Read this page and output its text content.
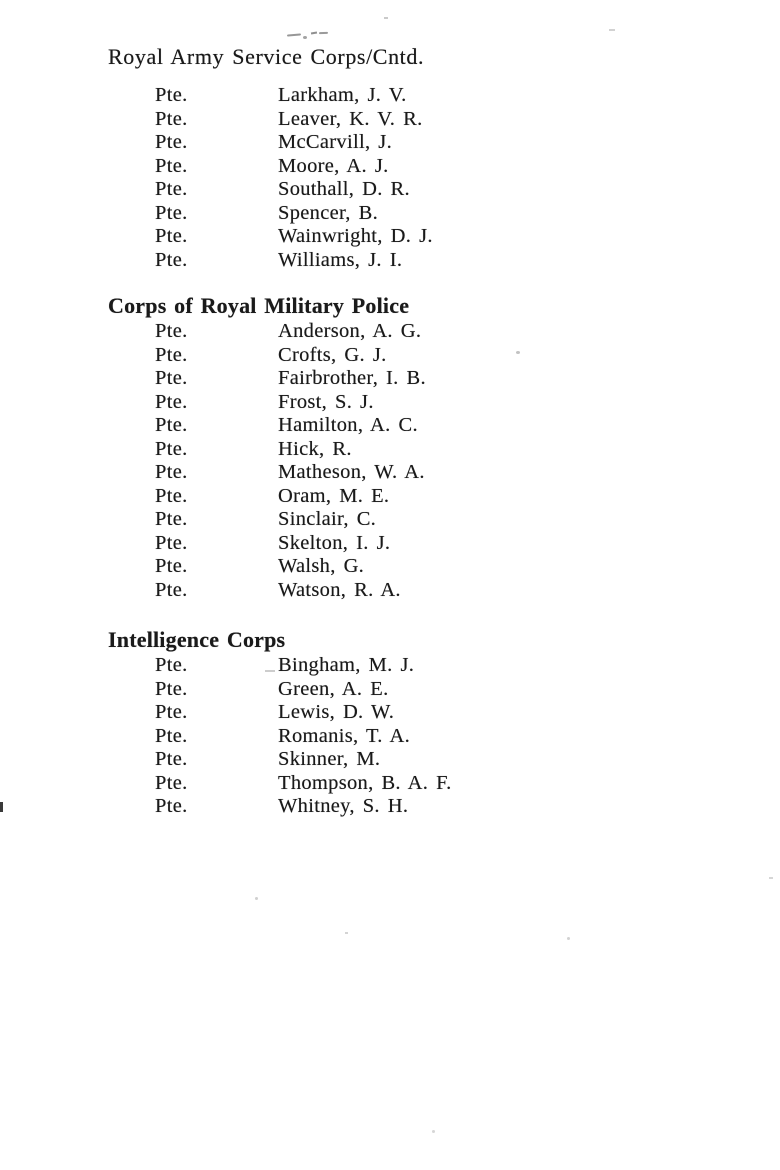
Royal Army Service Corps/Cntd.
Pte.	Larkham, J. V.
Pte.	Leaver, K. V. R.
Pte.	McCarvill, J.
Pte.	Moore, A. J.
Pte.	Southall, D. R.
Pte.	Spencer, B.
Pte.	Wainwright, D. J.
Pte.	Williams, J. I.
Corps of Royal Military Police
Pte.	Anderson, A. G.
Pte.	Crofts, G. J.
Pte.	Fairbrother, I. B.
Pte.	Frost, S. J.
Pte.	Hamilton, A. C.
Pte.	Hick, R.
Pte.	Matheson, W. A.
Pte.	Oram, M. E.
Pte.	Sinclair, C.
Pte.	Skelton, I. J.
Pte.	Walsh, G.
Pte.	Watson, R. A.
Intelligence Corps
Pte.	Bingham, M. J.
Pte.	Green, A. E.
Pte.	Lewis, D. W.
Pte.	Romanis, T. A.
Pte.	Skinner, M.
Pte.	Thompson, B. A. F.
Pte.	Whitney, S. H.
